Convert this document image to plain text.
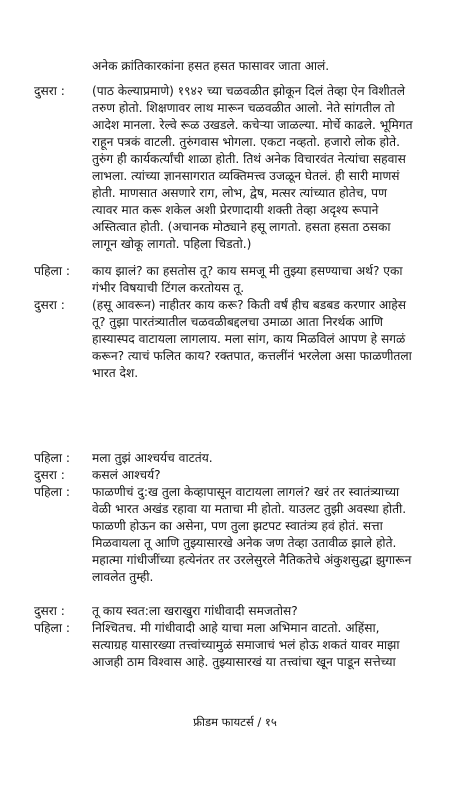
अनेक क्रांतिकारकांना हसत हसत फासावर जाता आलं.
दुसरा :	(पाठ केल्याप्रमाणे) १९४२ च्या चळवळीत झोकून दिलं तेव्हा ऐन विशीतले
तरुण होतो. शिक्षणावर लाथ मारून चळवळीत आलो. नेते सांगतील तो
आदेश मानला. रेल्वे रूळ उखडले. कचेऱ्या जाळल्या. मोर्चे काढले. भूमिगत
राहून पत्रकं वाटली. तुरुंगवास भोगला. एकटा नव्हतो. हजारो लोक होते.
तुरुंग ही कार्यकर्त्यांची शाळा होती. तिथं अनेक विचारवंत नेत्यांचा सहवास
लाभला. त्यांच्या ज्ञानसागरात व्यक्तिमत्त्व उजळून घेतलं. ही सारी माणसं
होती. माणसात असणारे राग, लोभ, द्वेष, मत्सर त्यांच्यात होतेच, पण
त्यावर मात करू शकेल अशी प्रेरणादायी शक्ती तेव्हा अदृश्य रूपाने
अस्तित्वात होती. (अचानक मोठ्याने हसू लागतो. हसता हसता ठसका
लागून खोकू लागतो. पहिला चिडतो.)
पहिला :	काय झालं? का हसतोस तू? काय समजू मी तुझ्या हसण्याचा अर्थ? एका
गंभीर विषयाची टिंगल करतोयस तू.
दुसरा :	(हसू आवरून) नाहीतर काय करू? किती वर्षं हीच बडबड करणार आहेस
तू? तुझा पारतंत्र्यातील चळवळीबद्दलचा उमाळा आता निरर्थक आणि
हास्यास्पद वाटायला लागलाय. मला सांग, काय मिळविलं आपण हे सगळं
करून? त्याचं फलित काय? रक्तपात, कत्तलींनं भरलेला असा फाळणीतला
भारत देश.
पहिला :	मला तुझं आश्चर्यच वाटतंय.
दुसरा :	कसलं आश्चर्य?
पहिला :	फाळणीचं दु:ख तुला केव्हापासून वाटायला लागलं? खरं तर स्वातंत्र्याच्या
वेळी भारत अखंड रहावा या मताचा मी होतो. याउलट तुझी अवस्था होती.
फाळणी होऊन का असेना, पण तुला झटपट स्वातंत्र्य हवं होतं. सत्ता
मिळवायला तू आणि तुझ्यासारखे अनेक जण तेव्हा उतावीळ झाले होते.
महात्मा गांधीजींच्या हत्येनंतर तर उरलेसुरले नैतिकतेचे अंकुशसुद्धा झुगारून
लावलेत तुम्ही.
दुसरा :	तू काय स्वत:ला खराखुरा गांधीवादी समजतोस?
पहिला :	निश्चितच. मी गांधीवादी आहे याचा मला अभिमान वाटतो. अहिंसा,
सत्याग्रह यासारख्या तत्त्वांच्यामुळं समाजाचं भलं होऊ शकतं यावर माझा
आजही ठाम विश्वास आहे. तुझ्यासारखं या तत्त्वांचा खून पाडून सत्तेच्या
फ्रीडम फायटर्स / १५
